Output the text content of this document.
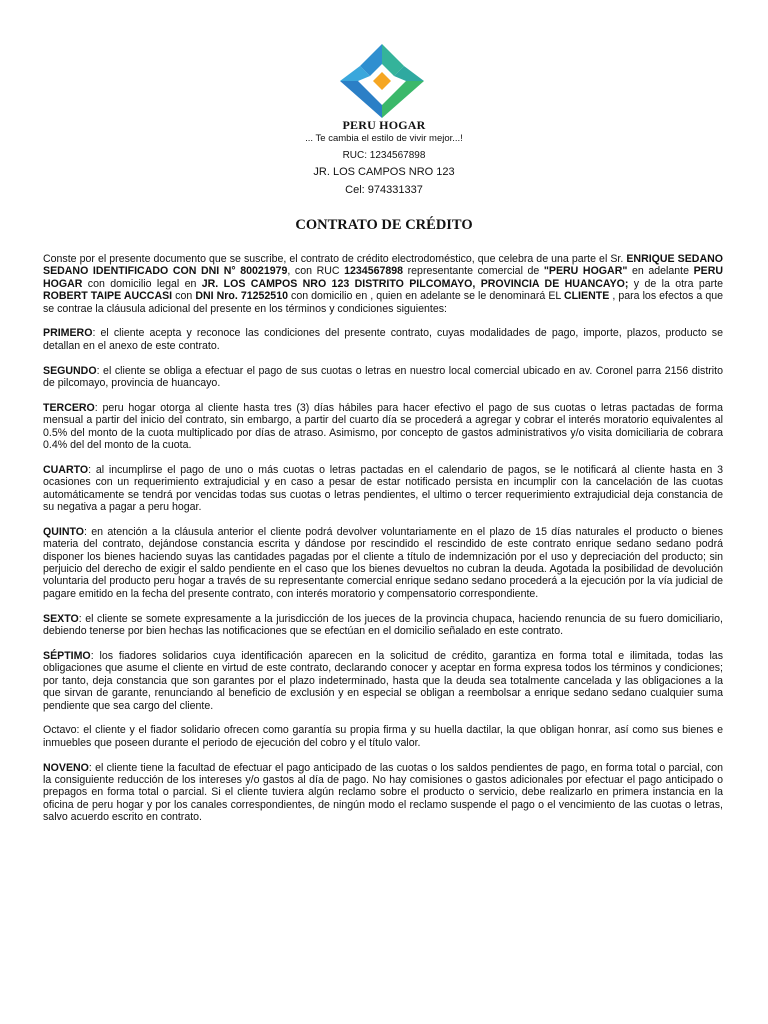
PERU HOGAR
... Te cambia el estilo de vivir mejor...!
RUC: 1234567898
JR. LOS CAMPOS NRO 123
Cel: 974331337
CONTRATO DE CRÉDITO

Conste por el presente documento que se suscribe, el contrato de crédito electrodoméstico, que celebra de una parte el Sr. ENRIQUE SEDANO SEDANO IDENTIFICADO CON DNI N° 80021979, con RUC 1234567898 representante comercial de "PERU HOGAR" en adelante PERU HOGAR con domicilio legal en JR. LOS CAMPOS NRO 123 DISTRITO PILCOMAYO, PROVINCIA DE HUANCAYO; y de la otra parte ROBERT TAIPE AUCCASI con DNI Nro. 71252510 con domicilio en , quien en adelante se le denominará EL CLIENTE , para los efectos a que se contrae la cláusula adicional del presente en los términos y condiciones siguientes:

PRIMERO: el cliente acepta y reconoce las condiciones del presente contrato, cuyas modalidades de pago, importe, plazos, producto se detallan en el anexo de este contrato.

SEGUNDO: el cliente se obliga a efectuar el pago de sus cuotas o letras en nuestro local comercial ubicado en av. Coronel parra 2156 distrito de pilcomayo, provincia de huancayo.

TERCERO: peru hogar otorga al cliente hasta tres (3) días hábiles para hacer efectivo el pago de sus cuotas o letras pactadas de forma mensual a partir del inicio del contrato, sin embargo, a partir del cuarto día se procederá a agregar y cobrar el interés moratorio equivalentes al 0.5% del monto de la cuota multiplicado por días de atraso. Asimismo, por concepto de gastos administrativos y/o visita domiciliaria de cobrara 0.4% del del monto de la cuota.

CUARTO: al incumplirse el pago de uno o más cuotas o letras pactadas en el calendario de pagos, se le notificará al cliente hasta en 3 ocasiones con un requerimiento extrajudicial y en caso a pesar de estar notificado persista en incumplir con la cancelación de las cuotas automáticamente se tendrá por vencidas todas sus cuotas o letras pendientes, el ultimo o tercer requerimiento extrajudicial deja constancia de su negativa a pagar a peru hogar.

QUINTO: en atención a la cláusula anterior el cliente podrá devolver voluntariamente en el plazo de 15 días naturales el producto o bienes materia del contrato, dejándose constancia escrita y dándose por rescindido el rescindido de este contrato enrique sedano sedano podrá disponer los bienes haciendo suyas las cantidades pagadas por el cliente a título de indemnización por el uso y depreciación del producto; sin perjuicio del derecho de exigir el saldo pendiente en el caso que los bienes devueltos no cubran la deuda. Agotada la posibilidad de devolución voluntaria del producto peru hogar a través de su representante comercial enrique sedano sedano procederá a la ejecución por la vía judicial de pagare emitido en la fecha del presente contrato, con interés moratorio y compensatorio correspondiente.

SEXTO: el cliente se somete expresamente a la jurisdicción de los jueces de la provincia chupaca, haciendo renuncia de su fuero domiciliario, debiendo tenerse por bien hechas las notificaciones que se efectúan en el domicilio señalado en este contrato.

SÉPTIMO: los fiadores solidarios cuya identificación aparecen en la solicitud de crédito, garantiza en forma total e ilimitada, todas las obligaciones que asume el cliente en virtud de este contrato, declarando conocer y aceptar en forma expresa todos los términos y condiciones; por tanto, deja constancia que son garantes por el plazo indeterminado, hasta que la deuda sea totalmente cancelada y las obligaciones a la que sirvan de garante, renunciando al beneficio de exclusión y en especial se obligan a reembolsar a enrique sedano sedano cualquier suma pendiente que sea cargo del cliente.

Octavo: el cliente y el fiador solidario ofrecen como garantía su propia firma y su huella dactilar, la que obligan honrar, así como sus bienes e inmuebles que poseen durante el periodo de ejecución del cobro y el título valor.

NOVENO: el cliente tiene la facultad de efectuar el pago anticipado de las cuotas o los saldos pendientes de pago, en forma total o parcial, con la consiguiente reducción de los intereses y/o gastos al día de pago. No hay comisiones o gastos adicionales por efectuar el pago anticipado o prepagos en forma total o parcial. Si el cliente tuviera algún reclamo sobre el producto o servicio, debe realizarlo en primera instancia en la oficina de peru hogar y por los canales correspondientes, de ningún modo el reclamo suspende el pago o el vencimiento de las cuotas o letras, salvo acuerdo escrito en contrato.
